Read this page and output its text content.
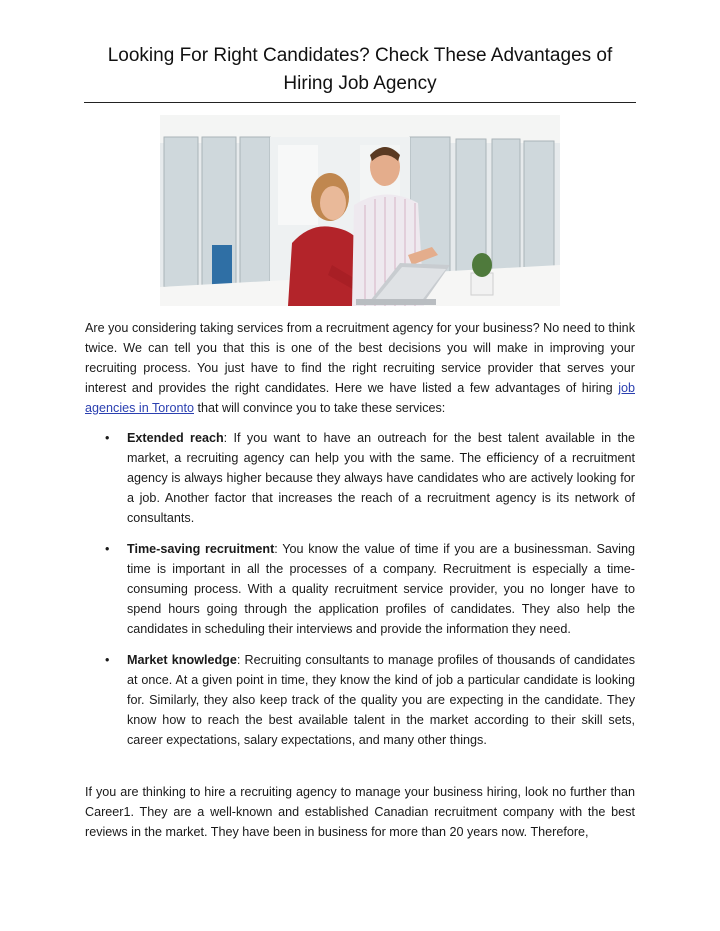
Looking For Right Candidates? Check These Advantages of Hiring Job Agency
Are you considering taking services from a recruitment agency for your business? No need to think twice. We can tell you that this is one of the best decisions you will make in improving your recruiting process. You just have to find the right recruiting service provider that serves your interest and provides the right candidates. Here we have listed a few advantages of hiring job agencies in Toronto that will convince you to take these services:
• Extended reach: If you want to have an outreach for the best talent available in the market, a recruiting agency can help you with the same. The efficiency of a recruitment agency is always higher because they always have candidates who are actively looking for a job. Another factor that increases the reach of a recruitment agency is its network of consultants.
• Time-saving recruitment: You know the value of time if you are a businessman. Saving time is important in all the processes of a company. Recruitment is especially a time-consuming process. With a quality recruitment service provider, you no longer have to spend hours going through the application profiles of candidates. They also help the candidates in scheduling their interviews and provide the information they need.
• Market knowledge: Recruiting consultants to manage profiles of thousands of candidates at once. At a given point in time, they know the kind of job a particular candidate is looking for. Similarly, they also keep track of the quality you are expecting in the candidate. They know how to reach the best available talent in the market according to their skill sets, career expectations, salary expectations, and many other things.
If you are thinking to hire a recruiting agency to manage your business hiring, look no further than Career1. They are a well-known and established Canadian recruitment company with the best reviews in the market. They have been in business for more than 20 years now. Therefore,
